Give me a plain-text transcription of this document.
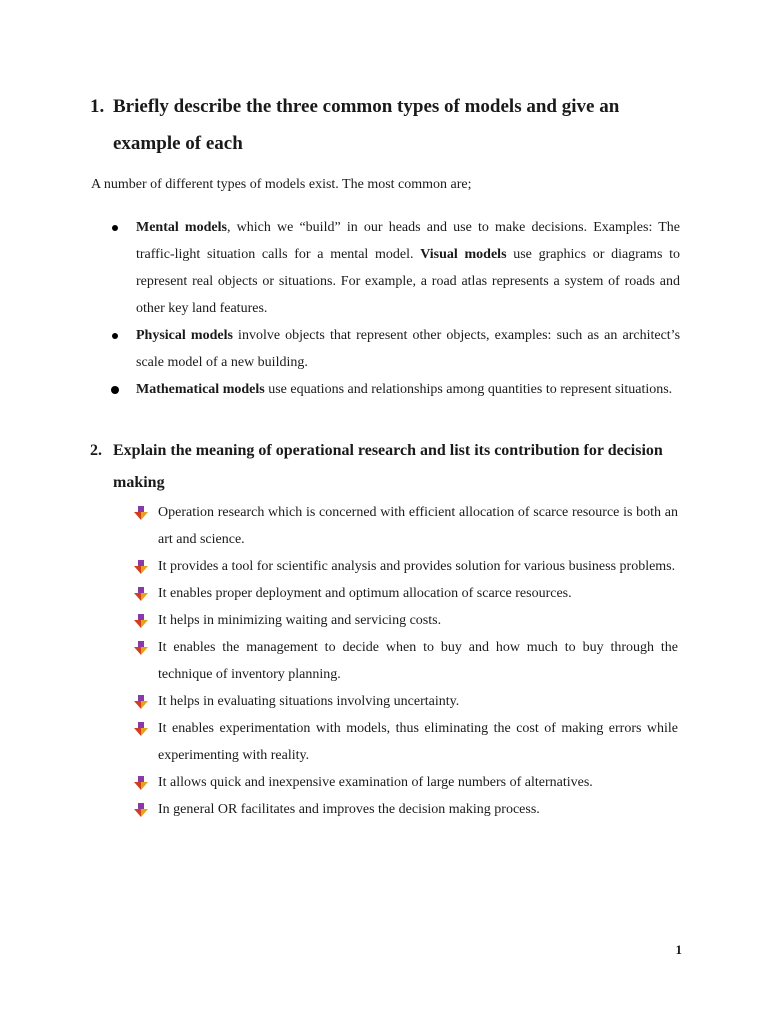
1. Briefly describe the three common types of models and give an example of each

A number of different types of models exist. The most common are;

Mental models, which we “build” in our heads and use to make decisions. Examples: The traffic-light situation calls for a mental model. Visual models use graphics or diagrams to represent real objects or situations. For example, a road atlas represents a system of roads and other key land features.
Physical models involve objects that represent other objects, examples: such as an architect’s scale model of a new building.
Mathematical models use equations and relationships among quantities to represent situations.
2. Explain the meaning of operational research and list its contribution for decision making
Operation research which is concerned with efficient allocation of scarce resource is both an art and science.
It provides a tool for scientific analysis and provides solution for various business problems.
It enables proper deployment and optimum allocation of scarce resources.
It helps in minimizing waiting and servicing costs.
It enables the management to decide when to buy and how much to buy through the technique of inventory planning.
It helps in evaluating situations involving uncertainty.
It enables experimentation with models, thus eliminating the cost of making errors while experimenting with reality.
It allows quick and inexpensive examination of large numbers of alternatives.
In general OR facilitates and improves the decision making process.
1
